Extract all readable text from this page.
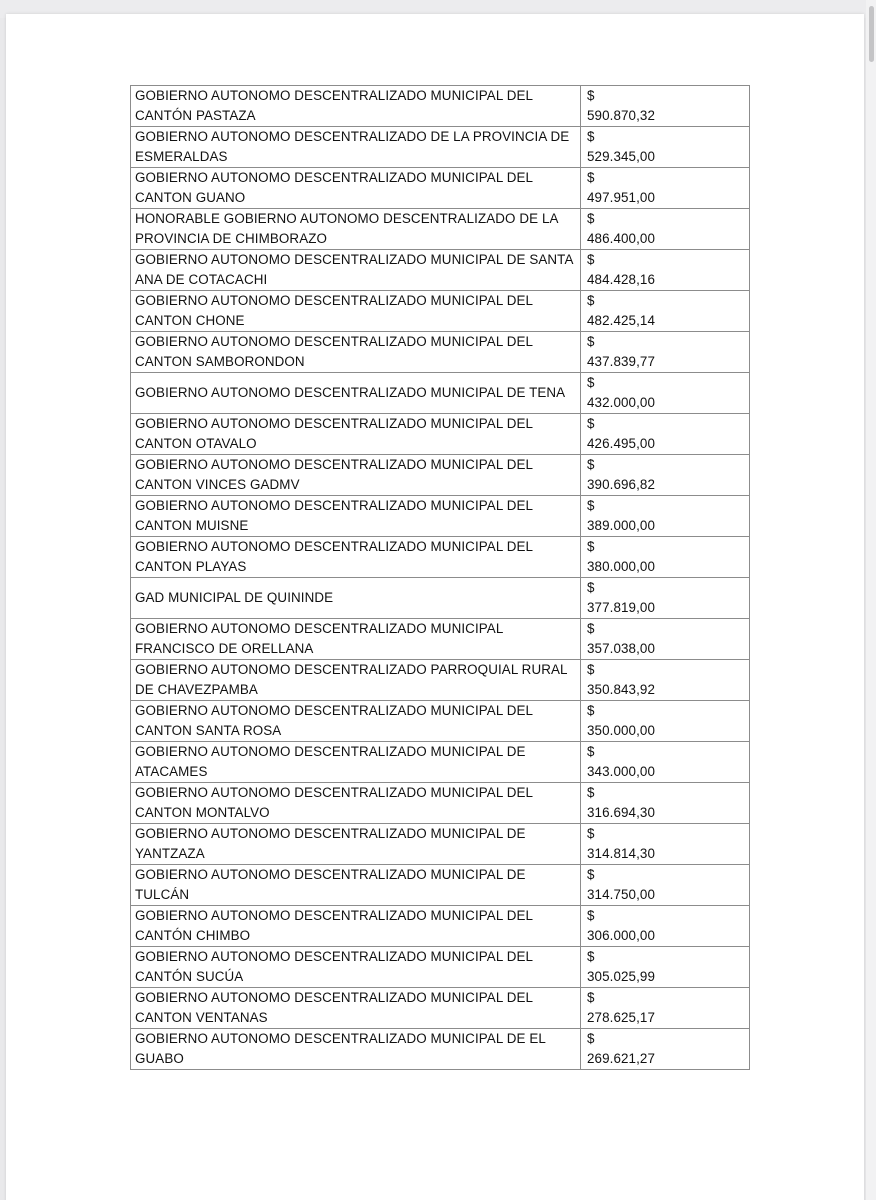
GOBIERNO AUTONOMO DESCENTRALIZADO MUNICIPAL DEL CANTÓN PASTAZA	$
590.870,32

GOBIERNO AUTONOMO DESCENTRALIZADO DE LA PROVINCIA DE ESMERALDAS	$
529.345,00

GOBIERNO AUTONOMO DESCENTRALIZADO MUNICIPAL DEL CANTON GUANO	$
497.951,00

HONORABLE GOBIERNO AUTONOMO DESCENTRALIZADO DE LA PROVINCIA DE CHIMBORAZO	$
486.400,00

GOBIERNO AUTONOMO DESCENTRALIZADO MUNICIPAL DE SANTA ANA DE COTACACHI	$
484.428,16

GOBIERNO AUTONOMO DESCENTRALIZADO MUNICIPAL DEL CANTON CHONE	$
482.425,14

GOBIERNO AUTONOMO DESCENTRALIZADO MUNICIPAL DEL CANTON SAMBORONDON	$
437.839,77

GOBIERNO AUTONOMO DESCENTRALIZADO MUNICIPAL DE TENA	$
432.000,00

GOBIERNO AUTONOMO DESCENTRALIZADO MUNICIPAL DEL CANTON OTAVALO	$
426.495,00

GOBIERNO AUTONOMO DESCENTRALIZADO MUNICIPAL DEL CANTON VINCES GADMV	$
390.696,82

GOBIERNO AUTONOMO DESCENTRALIZADO MUNICIPAL DEL CANTON MUISNE	$
389.000,00

GOBIERNO AUTONOMO DESCENTRALIZADO MUNICIPAL DEL CANTON PLAYAS	$
380.000,00

GAD MUNICIPAL DE QUININDE	$
377.819,00

GOBIERNO AUTONOMO DESCENTRALIZADO MUNICIPAL FRANCISCO DE ORELLANA	$
357.038,00

GOBIERNO AUTONOMO DESCENTRALIZADO PARROQUIAL RURAL DE CHAVEZPAMBA	$
350.843,92

GOBIERNO AUTONOMO DESCENTRALIZADO MUNICIPAL DEL CANTON SANTA ROSA	$
350.000,00

GOBIERNO AUTONOMO DESCENTRALIZADO MUNICIPAL DE ATACAMES	$
343.000,00

GOBIERNO AUTONOMO DESCENTRALIZADO MUNICIPAL DEL CANTON MONTALVO	$
316.694,30

GOBIERNO AUTONOMO DESCENTRALIZADO MUNICIPAL DE YANTZAZA	$
314.814,30

GOBIERNO AUTONOMO DESCENTRALIZADO MUNICIPAL DE TULCÁN	$
314.750,00

GOBIERNO AUTONOMO DESCENTRALIZADO MUNICIPAL DEL CANTÓN CHIMBO	$
306.000,00

GOBIERNO AUTONOMO DESCENTRALIZADO MUNICIPAL DEL CANTÓN SUCÚA	$
305.025,99

GOBIERNO AUTONOMO DESCENTRALIZADO MUNICIPAL DEL CANTON VENTANAS	$
278.625,17

GOBIERNO AUTONOMO DESCENTRALIZADO MUNICIPAL DE EL GUABO	$
269.621,27
